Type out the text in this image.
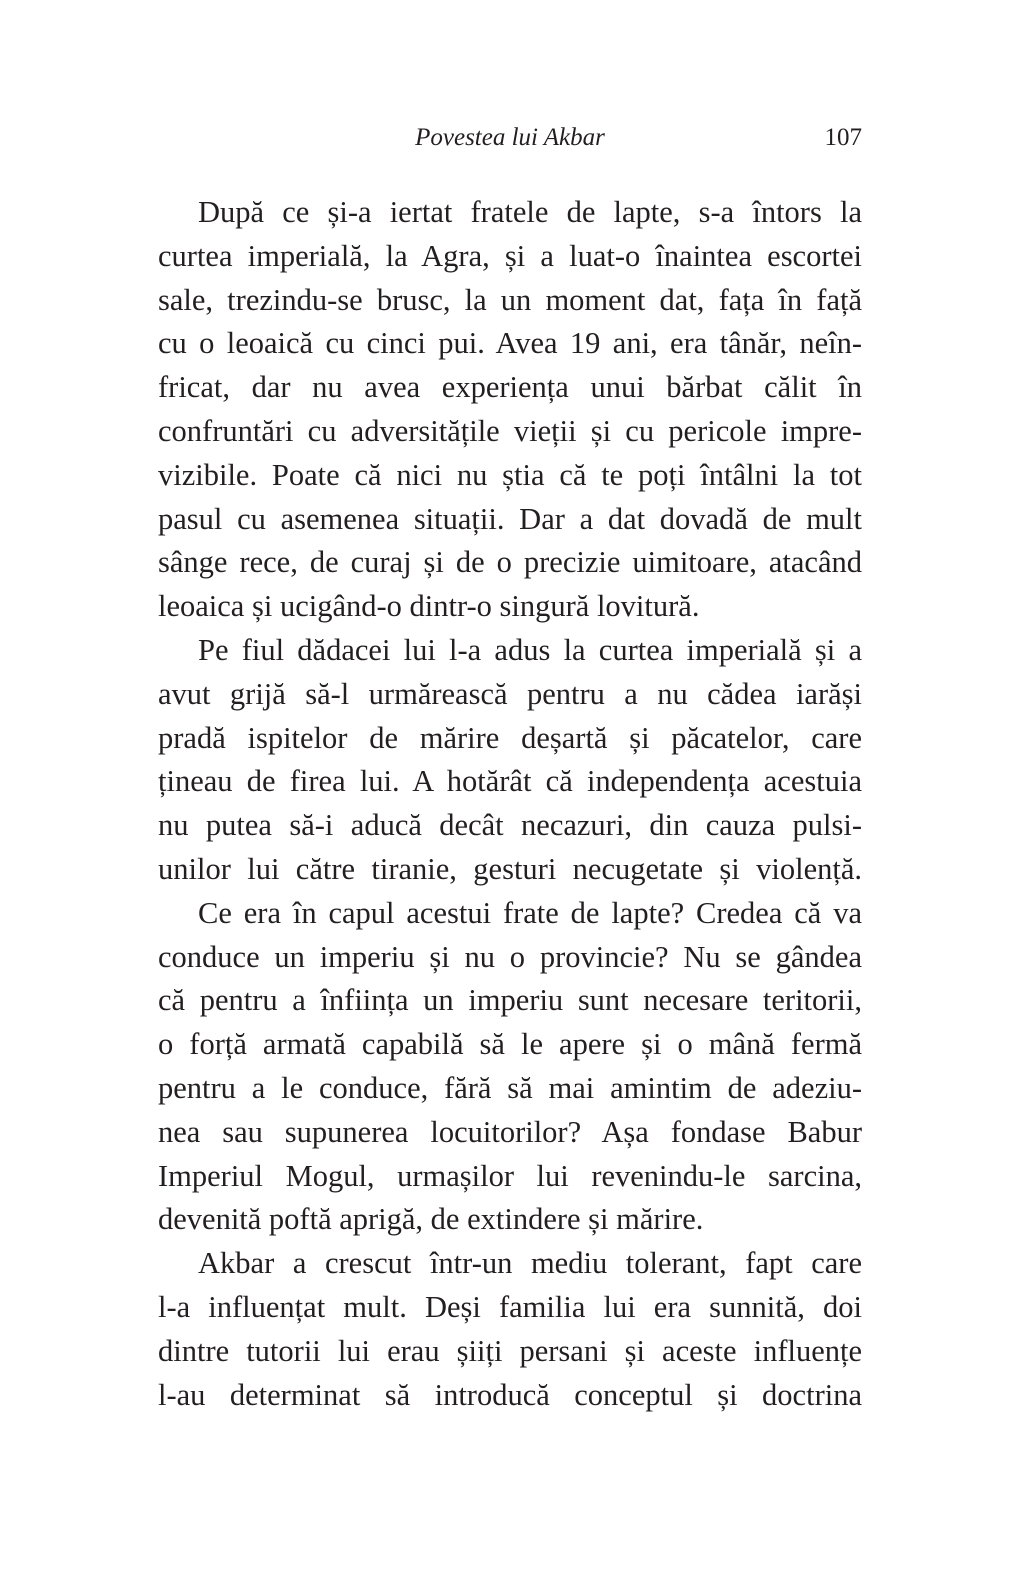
Povestea lui Akbar	107
După ce și-a iertat fratele de lapte, s-a întors la
curtea imperială, la Agra, și a luat-o înaintea escortei
sale, trezindu-se brusc, la un moment dat, fața în față
cu o leoaică cu cinci pui. Avea 19 ani, era tânăr, neîn-
fricat, dar nu avea experiența unui bărbat călit în
confruntări cu adversitățile vieții și cu pericole impre-
vizibile. Poate că nici nu știa că te poți întâlni la tot
pasul cu asemenea situații. Dar a dat dovadă de mult
sânge rece, de curaj și de o precizie uimitoare, atacând
leoaica și ucigând-o dintr-o singură lovitură.
Pe fiul dădacei lui l-a adus la curtea imperială și a
avut grijă să-l urmărească pentru a nu cădea iarăși
pradă ispitelor de mărire deșartă și păcatelor, care
țineau de firea lui. A hotărât că independența acestuia
nu putea să-i aducă decât necazuri, din cauza pulsi-
unilor lui către tiranie, gesturi necugetate și violență.
Ce era în capul acestui frate de lapte? Credea că va
conduce un imperiu și nu o provincie? Nu se gândea
că pentru a înființa un imperiu sunt necesare teritorii,
o forță armată capabilă să le apere și o mână fermă
pentru a le conduce, fără să mai amintim de adeziu-
nea sau supunerea locuitorilor? Așa fondase Babur
Imperiul Mogul, urmașilor lui revenindu-le sarcina,
devenită poftă aprigă, de extindere și mărire.
Akbar a crescut într-un mediu tolerant, fapt care
l-a influențat mult. Deși familia lui era sunnită, doi
dintre tutorii lui erau șiiți persani și aceste influențe
l-au determinat să introducă conceptul și doctrina
